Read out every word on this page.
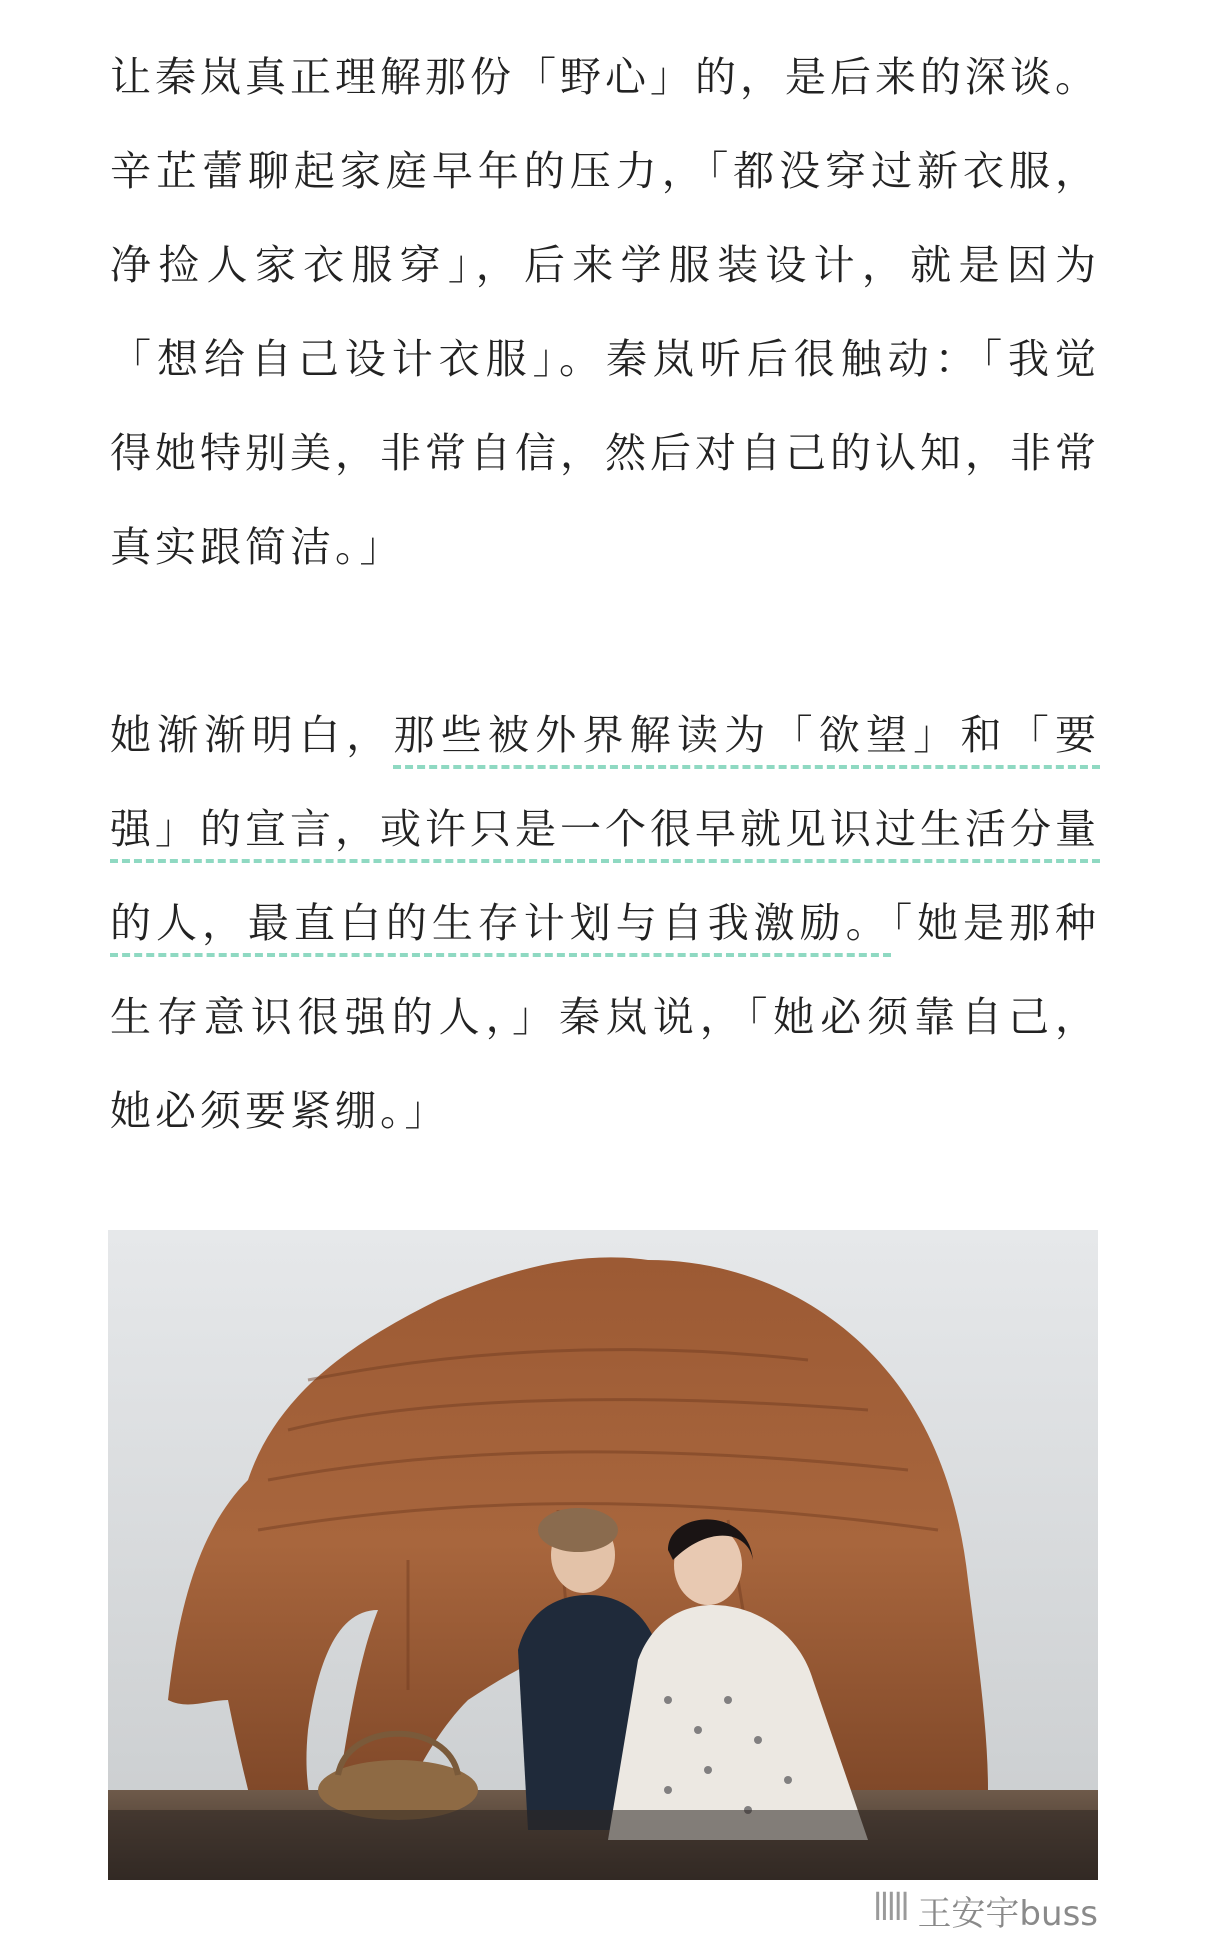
让秦岚真正理解那份「野心」的，是后来的深谈。辛芷蕾聊起家庭早年的压力，「都没穿过新衣服，净捡人家衣服穿」，后来学服装设计，就是因为「想给自己设计衣服」。秦岚听后很触动：「我觉得她特别美，非常自信，然后对自己的认知，非常真实跟简洁。」

她渐渐明白，那些被外界解读为「欲望」和「要强」的宣言，或许只是一个很早就见识过生活分量的人，最直白的生存计划与自我激励。「她是那种生存意识很强的人，」秦岚说，「她必须靠自己，她必须要紧绷。」

ꟾꟾꟾꟾꟾ 王安宇buss
